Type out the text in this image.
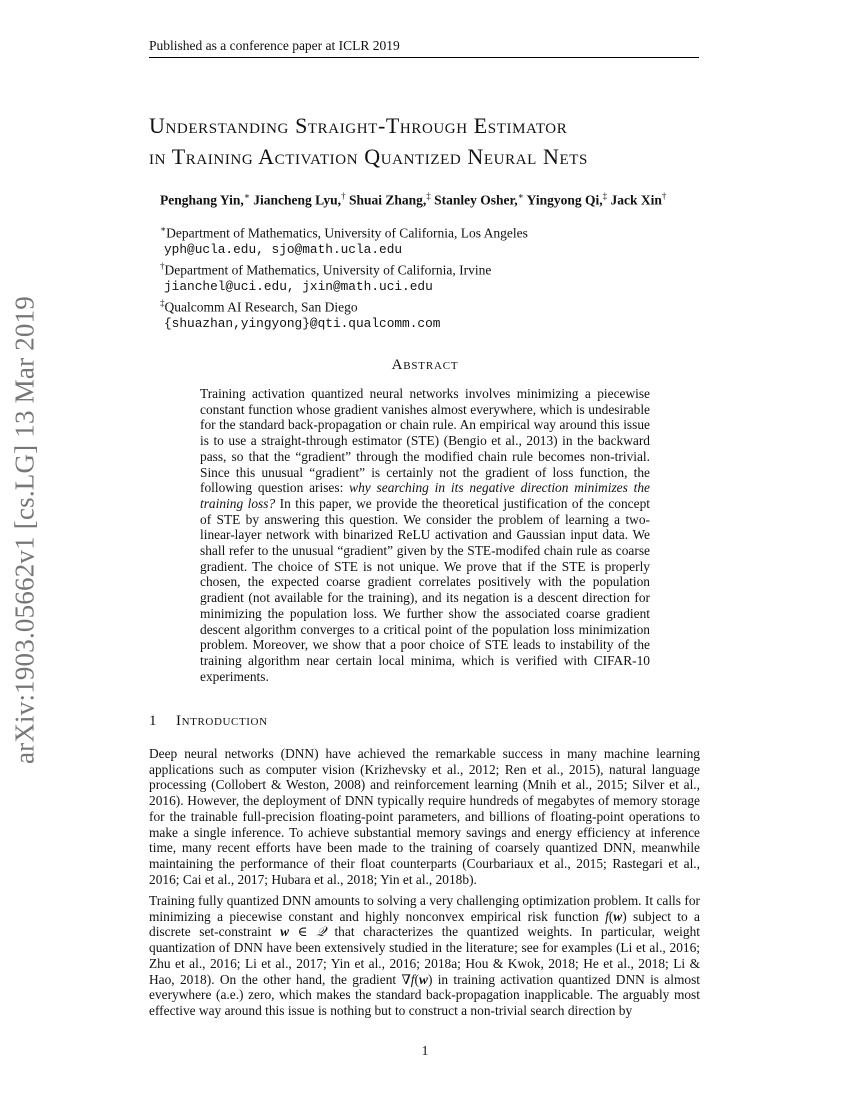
Published as a conference paper at ICLR 2019
arXiv:1903.05662v1 [cs.LG] 13 Mar 2019
Understanding Straight-Through Estimator
in Training Activation Quantized Neural Nets
Penghang Yin,∗ Jiancheng Lyu,† Shuai Zhang,‡ Stanley Osher,∗ Yingyong Qi,‡ Jack Xin†
∗Department of Mathematics, University of California, Los Angeles
yph@ucla.edu, sjo@math.ucla.edu
†Department of Mathematics, University of California, Irvine
jianchel@uci.edu, jxin@math.uci.edu
‡Qualcomm AI Research, San Diego
{shuazhan,yingyong}@qti.qualcomm.com
Abstract
Training activation quantized neural networks involves minimizing a piecewise constant function whose gradient vanishes almost everywhere, which is undesirable for the standard back-propagation or chain rule. An empirical way around this issue is to use a straight-through estimator (STE) (Bengio et al., 2013) in the backward pass, so that the “gradient” through the modified chain rule becomes non-trivial. Since this unusual “gradient” is certainly not the gradient of loss function, the following question arises: why searching in its negative direction minimizes the training loss? In this paper, we provide the theoretical justification of the concept of STE by answering this question. We consider the problem of learning a two-linear-layer network with binarized ReLU activation and Gaussian input data. We shall refer to the unusual “gradient” given by the STE-modifed chain rule as coarse gradient. The choice of STE is not unique. We prove that if the STE is properly chosen, the expected coarse gradient correlates positively with the population gradient (not available for the training), and its negation is a descent direction for minimizing the population loss. We further show the associated coarse gradient descent algorithm converges to a critical point of the population loss minimization problem. Moreover, we show that a poor choice of STE leads to instability of the training algorithm near certain local minima, which is verified with CIFAR-10 experiments.
1 Introduction
Deep neural networks (DNN) have achieved the remarkable success in many machine learning applications such as computer vision (Krizhevsky et al., 2012; Ren et al., 2015), natural language processing (Collobert & Weston, 2008) and reinforcement learning (Mnih et al., 2015; Silver et al., 2016). However, the deployment of DNN typically require hundreds of megabytes of memory storage for the trainable full-precision floating-point parameters, and billions of floating-point operations to make a single inference. To achieve substantial memory savings and energy efficiency at inference time, many recent efforts have been made to the training of coarsely quantized DNN, meanwhile maintaining the performance of their float counterparts (Courbariaux et al., 2015; Rastegari et al., 2016; Cai et al., 2017; Hubara et al., 2018; Yin et al., 2018b).
Training fully quantized DNN amounts to solving a very challenging optimization problem. It calls for minimizing a piecewise constant and highly nonconvex empirical risk function f(w) subject to a discrete set-constraint w ∈ 𝒬 that characterizes the quantized weights. In particular, weight quantization of DNN have been extensively studied in the literature; see for examples (Li et al., 2016; Zhu et al., 2016; Li et al., 2017; Yin et al., 2016; 2018a; Hou & Kwok, 2018; He et al., 2018; Li & Hao, 2018). On the other hand, the gradient ∇f(w) in training activation quantized DNN is almost everywhere (a.e.) zero, which makes the standard back-propagation inapplicable. The arguably most effective way around this issue is nothing but to construct a non-trivial search direction by
1
